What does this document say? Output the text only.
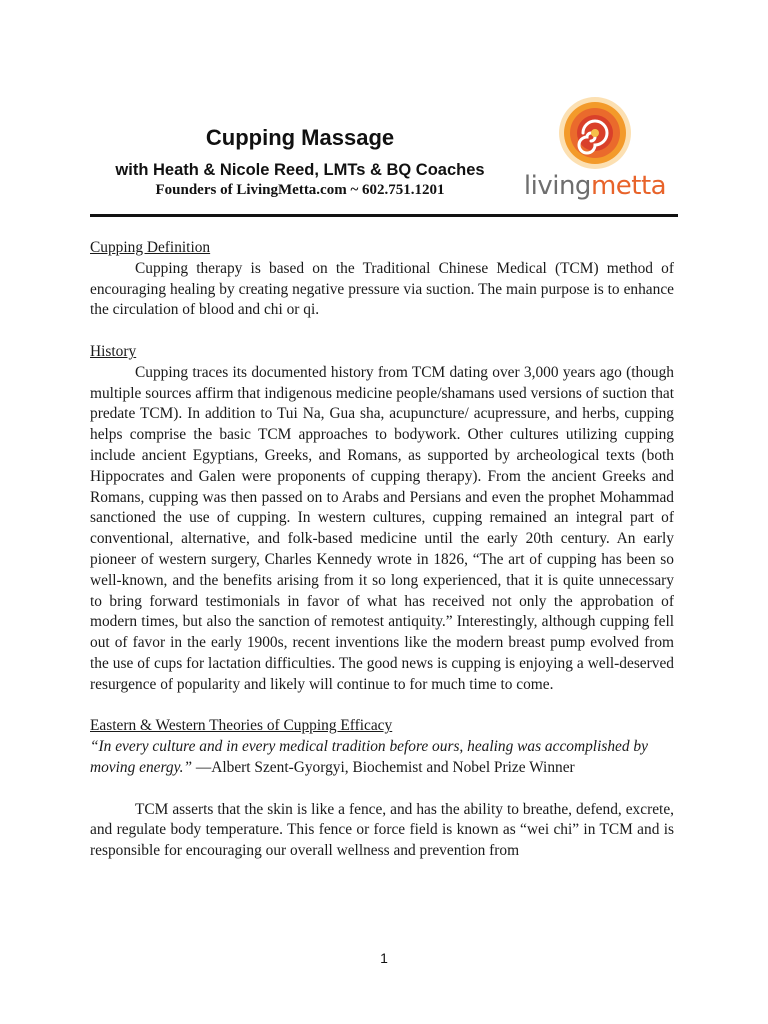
Cupping Massage
with Heath & Nicole Reed, LMTs & BQ Coaches
Founders of LivingMetta.com ~ 602.751.1201	livingmetta
Cupping Definition

Cupping therapy is based on the Traditional Chinese Medical (TCM) method of encouraging healing by creating negative pressure via suction. The main purpose is to enhance the circulation of blood and chi or qi.

History

Cupping traces its documented history from TCM dating over 3,000 years ago (though multiple sources affirm that indigenous medicine people/shamans used versions of suction that predate TCM). In addition to Tui Na, Gua sha, acupuncture/ acupressure, and herbs, cupping helps comprise the basic TCM approaches to bodywork. Other cultures utilizing cupping include ancient Egyptians, Greeks, and Romans, as supported by archeological texts (both Hippocrates and Galen were proponents of cupping therapy). From the ancient Greeks and Romans, cupping was then passed on to Arabs and Persians and even the prophet Mohammad sanctioned the use of cupping. In western cultures, cupping remained an integral part of conventional, alternative, and folk-based medicine until the early 20th century. An early pioneer of western surgery, Charles Kennedy wrote in 1826, “The art of cupping has been so well-known, and the benefits arising from it so long experienced, that it is quite unnecessary to bring forward testimonials in favor of what has received not only the approbation of modern times, but also the sanction of remotest antiquity.” Interestingly, although cupping fell out of favor in the early 1900s, recent inventions like the modern breast pump evolved from the use of cups for lactation difficulties. The good news is cupping is enjoying a well-deserved resurgence of popularity and likely will continue to for much time to come.

Eastern & Western Theories of Cupping Efficacy

“In every culture and in every medical tradition before ours, healing was accomplished by moving energy.” —Albert Szent-Gyorgyi, Biochemist and Nobel Prize Winner

TCM asserts that the skin is like a fence, and has the ability to breathe, defend, excrete, and regulate body temperature. This fence or force field is known as “wei chi” in TCM and is responsible for encouraging our overall wellness and prevention from

1
